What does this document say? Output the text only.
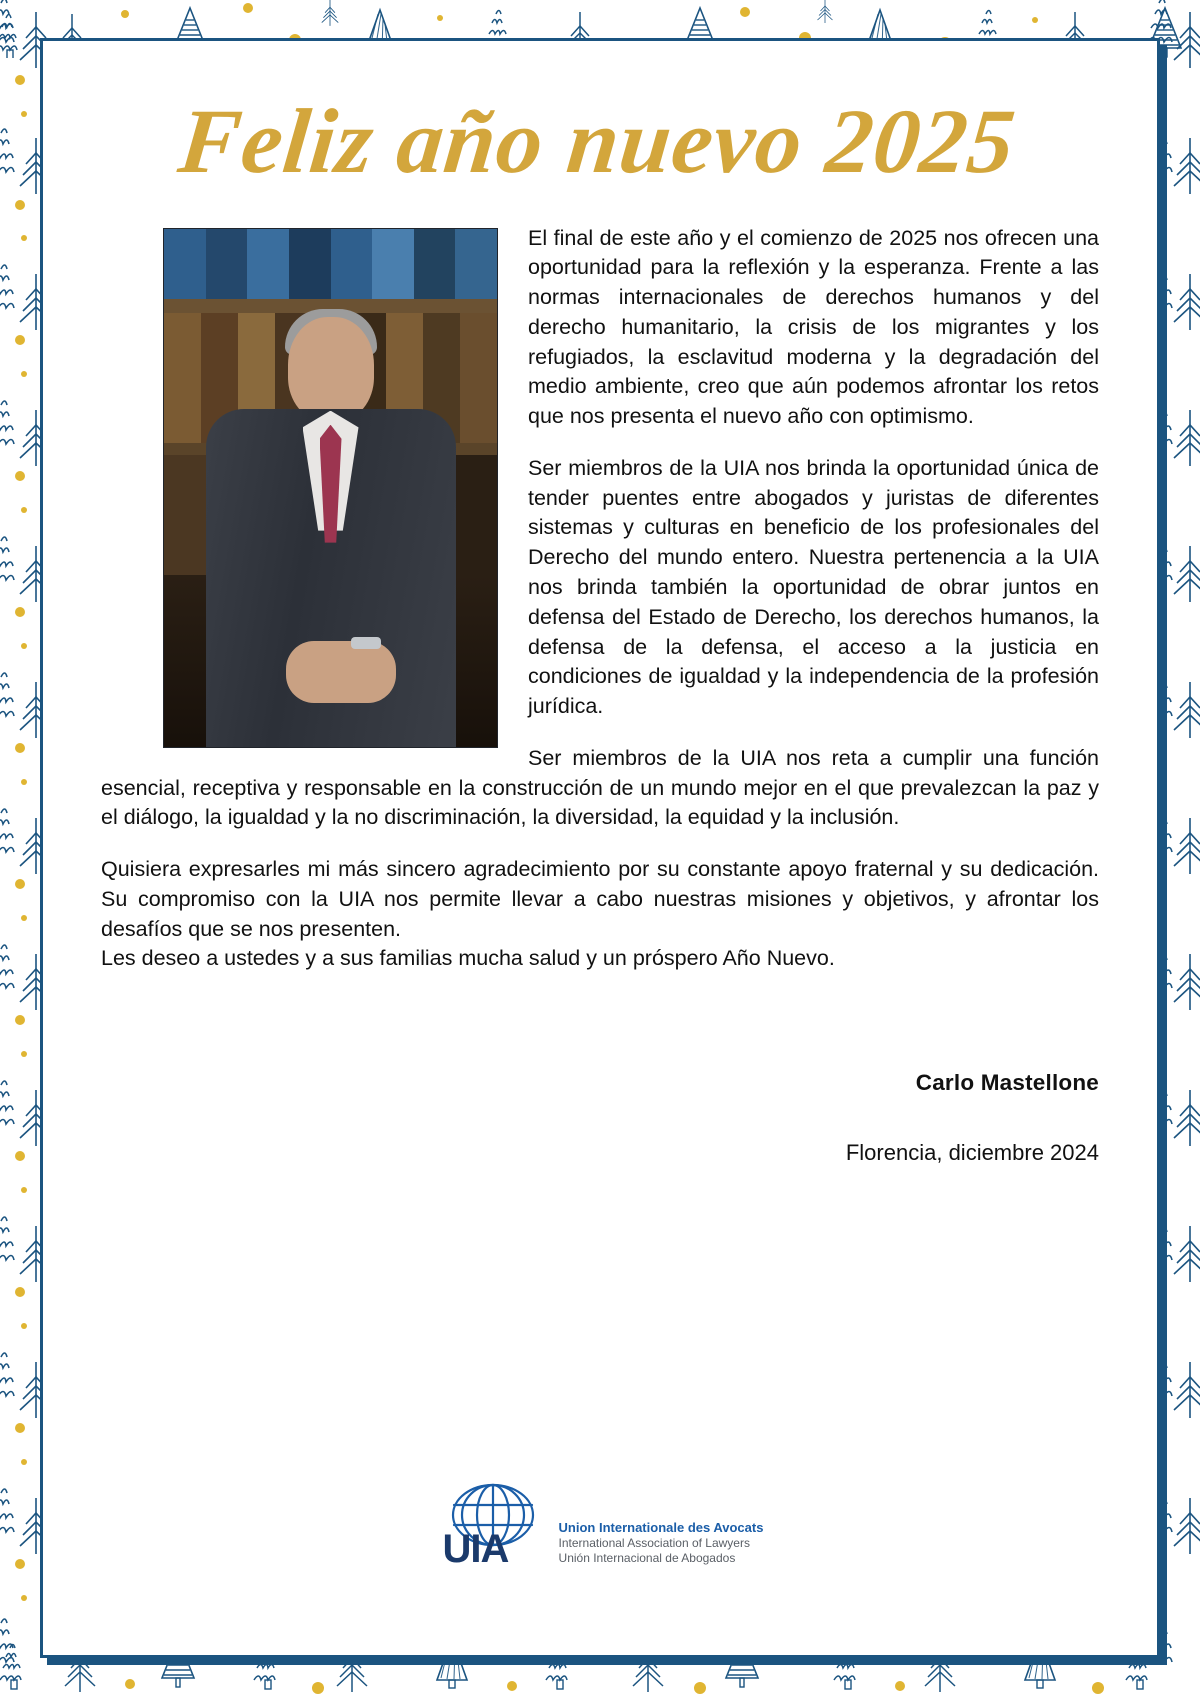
Feliz año nuevo 2025

El final de este año y el comienzo de 2025 nos ofrecen una oportunidad para la reflexión y la esperanza. Frente a las normas internacionales de derechos humanos y del derecho humanitario, la crisis de los migrantes y los refugiados, la esclavitud moderna y la degradación del medio ambiente, creo que aún podemos afrontar los retos que nos presenta el nuevo año con optimismo.

Ser miembros de la UIA nos brinda la oportunidad única de tender puentes entre abogados y juristas de diferentes sistemas y culturas en beneficio de los profesionales del Derecho del mundo entero. Nuestra pertenencia a la UIA nos brinda también la oportunidad de obrar juntos en defensa del Estado de Derecho, los derechos humanos, la defensa de la defensa, el acceso a la justicia en condiciones de igualdad y la independencia de la profesión jurídica.

Ser miembros de la UIA nos reta a cumplir una función esencial, receptiva y responsable en la construcción de un mundo mejor en el que prevalezcan la paz y el diálogo, la igualdad y la no discriminación, la diversidad, la equidad y la inclusión.

Quisiera expresarles mi más sincero agradecimiento por su constante apoyo fraternal y su dedicación. Su compromiso con la UIA nos permite llevar a cabo nuestras misiones y objetivos, y afrontar los desafíos que se nos presenten.

Les deseo a ustedes y a sus familias mucha salud y un próspero Año Nuevo.

Carlo Mastellone

Florencia, diciembre 2024

UIA	Union Internationale des Avocats
International Association of Lawyers
Unión Internacional de Abogados
